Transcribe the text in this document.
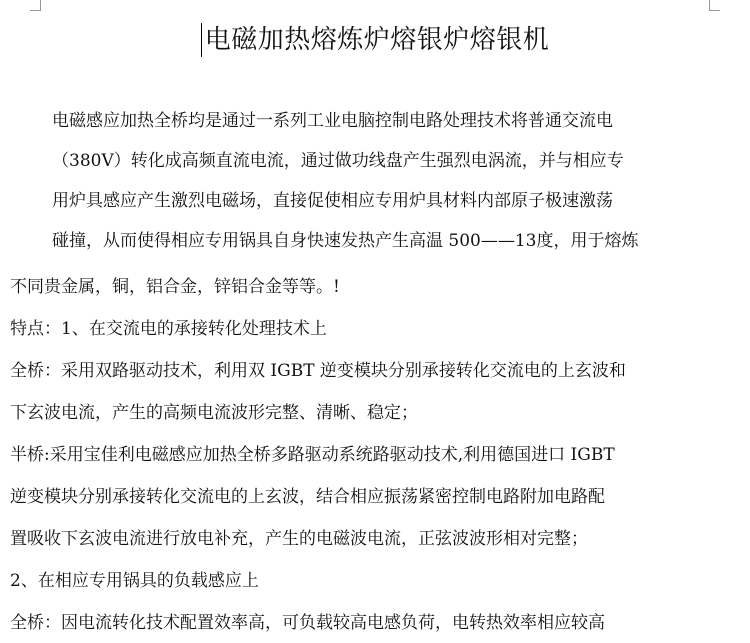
电磁加热熔炼炉熔银炉熔银机
电磁感应加热全桥均是通过一系列工业电脑控制电路处理技术将普通交流电
（380V）转化成高频直流电流，通过做功线盘产生强烈电涡流，并与相应专
用炉具感应产生激烈电磁场，直接促使相应专用炉具材料内部原子极速激荡
碰撞，从而使得相应专用锅具自身快速发热产生高温 500——13度，用于熔炼
不同贵金属，铜，铝合金，锌铝合金等等。!
特点：1、在交流电的承接转化处理技术上
全桥：采用双路驱动技术，利用双 IGBT 逆变模块分别承接转化交流电的上玄波和
下玄波电流，产生的高频电流波形完整、清晰、稳定；
半桥:采用宝佳利电磁感应加热全桥多路驱动系统路驱动技术,利用德国进口 IGBT
逆变模块分别承接转化交流电的上玄波，结合相应振荡紧密控制电路附加电路配
置吸收下玄波电流进行放电补充，产生的电磁波电流，正弦波波形相对完整；
2、在相应专用锅具的负载感应上
全桥：因电流转化技术配置效率高，可负载较高电感负荷，电转热效率相应较高
